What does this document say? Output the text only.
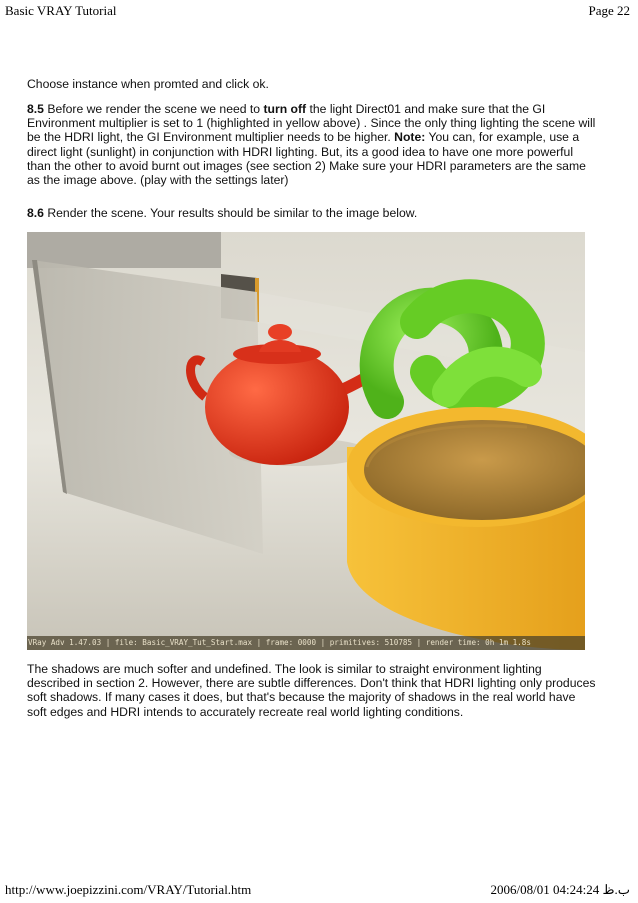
Basic VRAY Tutorial	Page 22
Choose instance when promted and click ok.
8.5 Before we render the scene we need to turn off the light Direct01 and make sure that the GI Environment multiplier is set to 1 (highlighted in yellow above) . Since the only thing lighting the scene will be the HDRI light, the GI Environment multiplier needs to be higher. Note: You can, for example, use a direct light (sunlight) in conjunction with HDRI lighting. But, its a good idea to have one more powerful than the other to avoid burnt out images (see section 2) Make sure your HDRI parameters are the same as the image above. (play with the settings later)
8.6 Render the scene. Your results should be similar to the image below.
VRay Adv 1.47.03 | file: Basic_VRAY_Tut_Start.max | frame: 0000 | primitives: 510785 | render time: 0h 1m 1.8s
The shadows are much softer and undefined. The look is similar to straight environment lighting described in section 2. However, there are subtle differences. Don't think that HDRI lighting only produces soft shadows. If many cases it does, but that's because the majority of shadows in the real world have soft edges and HDRI intends to accurately recreate real world lighting conditions.
http://www.joepizzini.com/VRAY/Tutorial.htm	2006/08/01 04:24:24 ب.ظ
